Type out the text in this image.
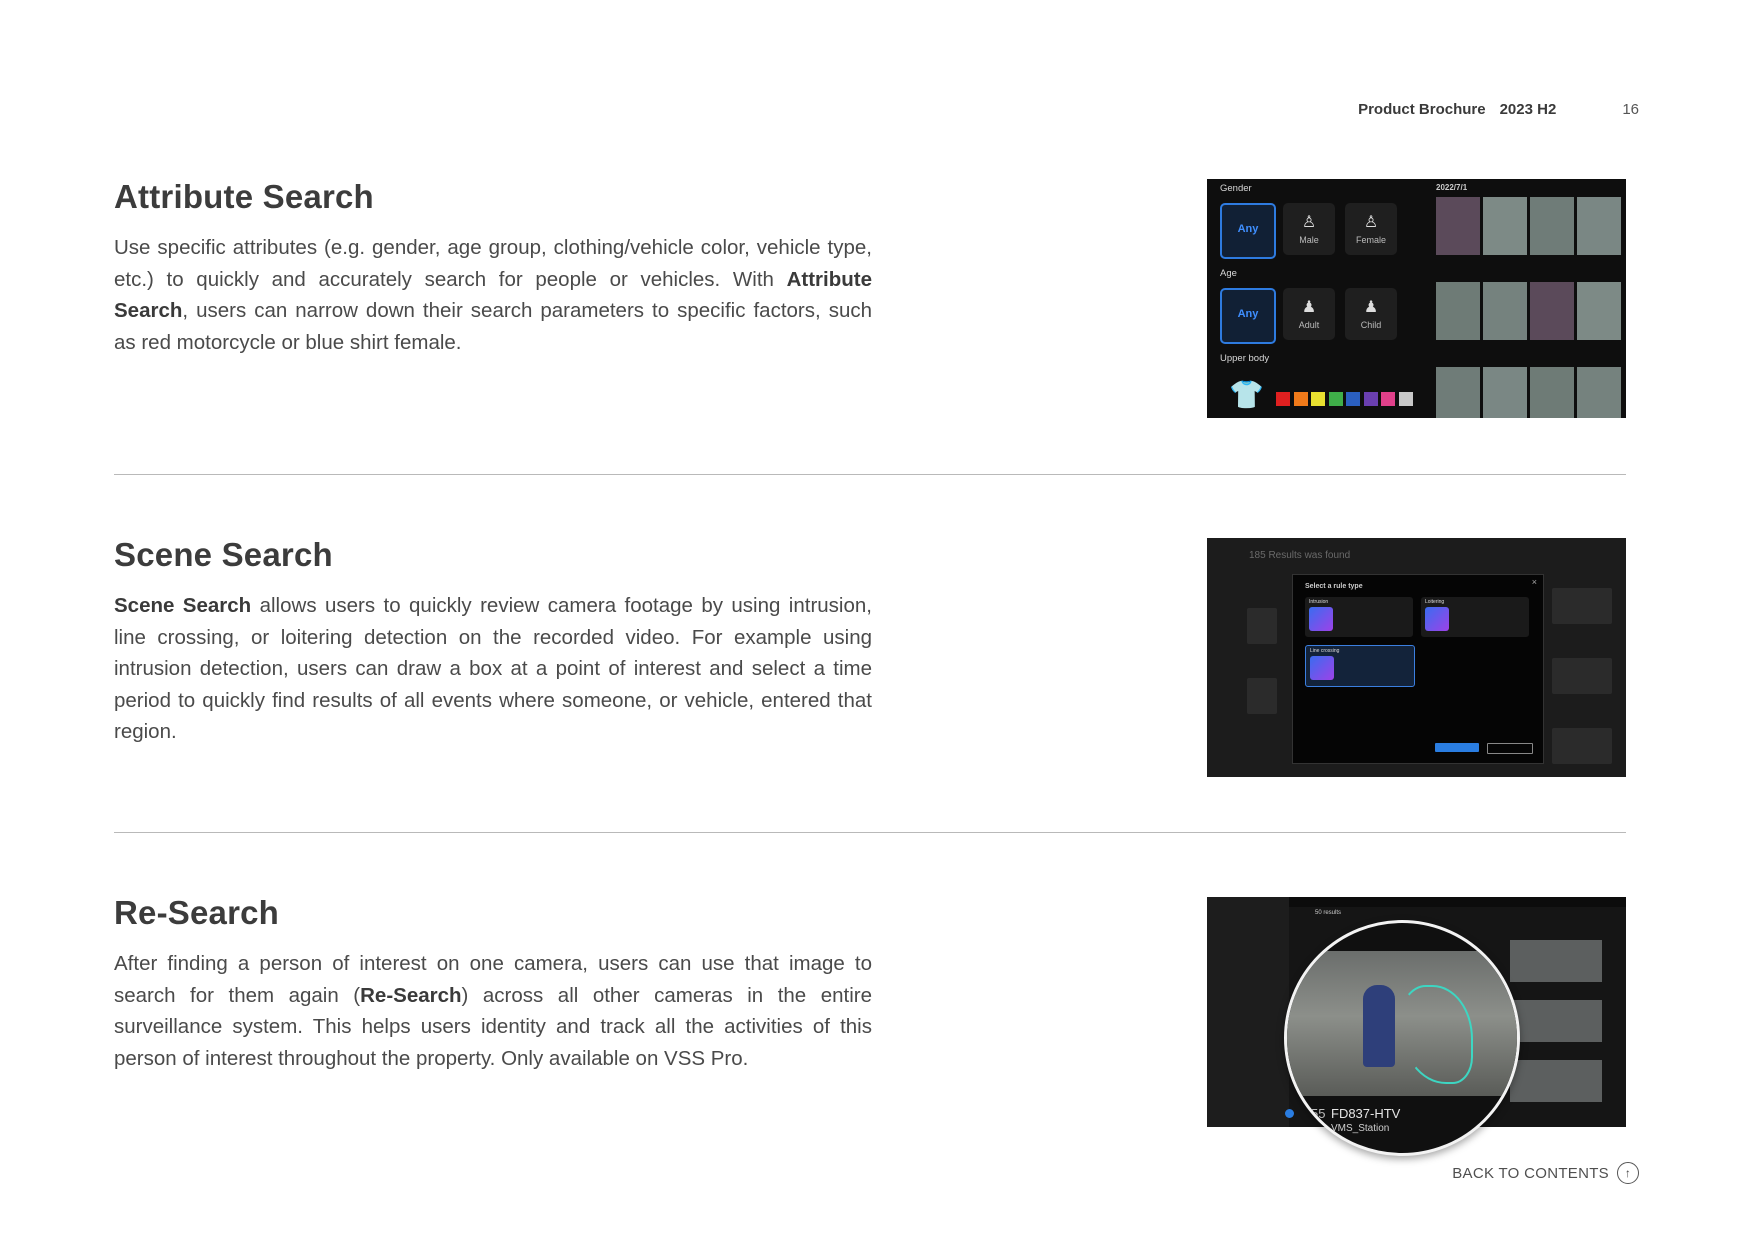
Product Brochure 2023 H2	16
Attribute Search
Use specific attributes (e.g. gender, age group, clothing/vehicle color, vehicle type, etc.) to quickly and accurately search for people or vehicles. With Attribute Search, users can narrow down their search parameters to specific factors, such as red motorcycle or blue shirt female.
Gender
Any	♙
Male
♙
Female
Age
Any	♟
Adult
♟
Child
Upper body
👕
2022/7/1
Scene Search
Scene Search allows users to quickly review camera footage by using intrusion, line crossing, or loitering detection on the recorded video. For example using intrusion detection, users can draw a box at a point of interest and select a time period to quickly find results of all events where someone, or vehicle, entered that region.
185 Results was found
Select a rule type	×
Intrusion	Loitering
Line crossing
Re-Search
After finding a person of interest on one camera, users can use that image to search for them again (Re-Search) across all other cameras in the entire surveillance system. This helps users identity and track all the activities of this person of interest throughout the property. Only available on VSS Pro.
50 results
55 FD837-HTV
VMS_Station
BACK TO CONTENTS	↑
